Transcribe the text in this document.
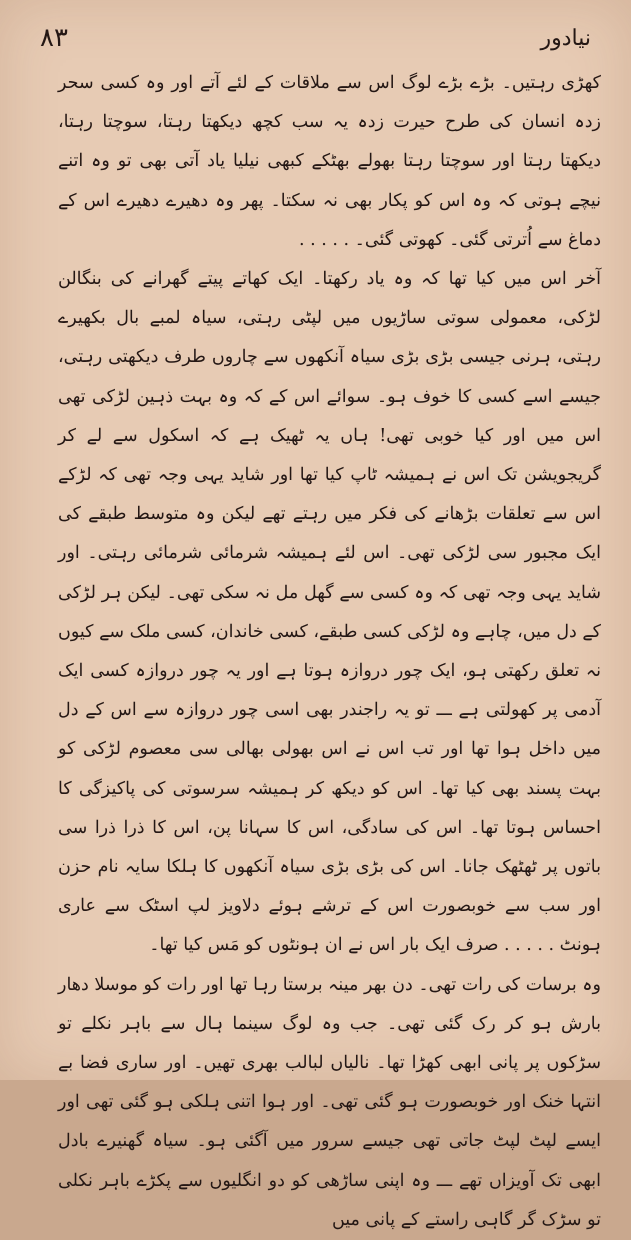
۸۳	نیادور

کھڑی رہتیں۔ بڑے بڑے لوگ اس سے ملاقات کے لئے آتے اور وہ کسی سحر زدہ انسان کی طرح حیرت زدہ یہ سب کچھ دیکھتا رہتا، سوچتا رہتا، دیکھتا رہتا اور سوچتا رہتا بھولے بھٹکے کبھی نیلیا یاد آتی بھی تو وہ اتنے نیچے ہوتی کہ وہ اس کو پکار بھی نہ سکتا۔ پھر وہ دھیرے دھیرے اس کے دماغ سے اُترتی گئی۔ کھوتی گئی۔ . . . . .

آخر اس میں کیا تھا کہ وہ یاد رکھتا۔ ایک کھاتے پیتے گھرانے کی بنگالن لڑکی، معمولی سوتی ساڑیوں میں لپٹی رہتی، سیاہ لمبے بال بکھیرے رہتی، ہرنی جیسی بڑی بڑی سیاہ آنکھوں سے چاروں طرف دیکھتی رہتی، جیسے اسے کسی کا خوف ہو۔ سوائے اس کے کہ وہ بہت ذہین لڑکی تھی اس میں اور کیا خوبی تھی! ہاں یہ ٹھیک ہے کہ اسکول سے لے کر گریجویشن تک اس نے ہمیشہ ٹاپ کیا تھا اور شاید یہی وجہ تھی کہ لڑکے اس سے تعلقات بڑھانے کی فکر میں رہتے تھے لیکن وہ متوسط طبقے کی ایک مجبور سی لڑکی تھی۔ اس لئے ہمیشہ شرمائی شرمائی رہتی۔ اور شاید یہی وجہ تھی کہ وہ کسی سے گھل مل نہ سکی تھی۔ لیکن ہر لڑکی کے دل میں، چاہے وہ لڑکی کسی طبقے، کسی خاندان، کسی ملک سے کیوں نہ تعلق رکھتی ہو، ایک چور دروازہ ہوتا ہے اور یہ چور دروازہ کسی ایک آدمی پر کھولتی ہے ـــ تو یہ راجندر بھی اسی چور دروازہ سے اس کے دل میں داخل ہوا تھا اور تب اس نے اس بھولی بھالی سی معصوم لڑکی کو بہت پسند بھی کیا تھا۔ اس کو دیکھ کر ہمیشہ سرسوتی کی پاکیزگی کا احساس ہوتا تھا۔ اس کی سادگی، اس کا سہانا پن، اس کا ذرا ذرا سی باتوں پر ٹھٹھک جانا۔ اس کی بڑی بڑی سیاہ آنکھوں کا ہلکا سایہ نام حزن اور سب سے خوبصورت اس کے ترشے ہوئے دلاویز لپ اسٹک سے عاری ہونٹ . . . . . صرف ایک بار اس نے ان ہونٹوں کو مَس کیا تھا۔

وہ برسات کی رات تھی۔ دن بھر مینہ برستا رہا تھا اور رات کو موسلا دھار بارش ہو کر رک گئی تھی۔ جب وہ لوگ سینما ہال سے باہر نکلے تو سڑکوں پر پانی ابھی کھڑا تھا۔ نالیاں لبالب بھری تھیں۔ اور ساری فضا بے انتہا خنک اور خوبصورت ہو گئی تھی۔ اور ہوا اتنی ہلکی ہو گئی تھی اور ایسے لپٹ لپٹ جاتی تھی جیسے سرور میں آگئی ہو۔ سیاہ گھنیرے بادل ابھی تک آویزاں تھے ـــ وہ اپنی ساڑھی کو دو انگلیوں سے پکڑے باہر نکلی تو سڑک گر گاہی راستے کے پانی میں
